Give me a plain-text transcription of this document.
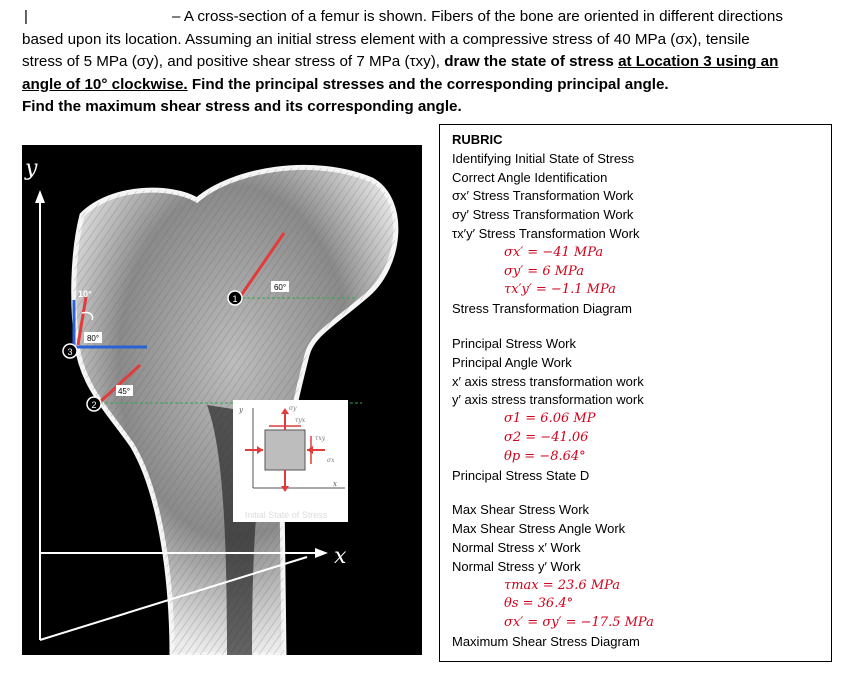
|	– A cross-section of a femur is shown. Fibers of the bone are oriented in different directions

based upon its location. Assuming an initial stress element with a compressive stress of 40 MPa (σx), tensile

stress of 5 MPa (σy), and positive shear stress of 7 MPa (τxy), draw the state of stress at Location 3 using an

angle of 10° clockwise. Find the principal stresses and the corresponding principal angle.

Find the maximum shear stress and its corresponding angle.

1
60°
3
80°
10°
2
45°
y
x
y
x
σy
σx
τyx
τxy
Initial State of Stress
RUBRIC
Identifying Initial State of Stress
Correct Angle Identification
σx′ Stress Transformation Work
σy′ Stress Transformation Work
τx′y′ Stress Transformation Work
σx′ = −41 MPa
σy′ = 6 MPa
τx′y′ = −1.1 MPa
Stress Transformation Diagram
Principal Stress Work
Principal Angle Work
x′ axis stress transformation work
y′ axis stress transformation work
σ1 = 6.06 MP
σ2 = −41.06
θp = −8.64°
Principal Stress State D
Max Shear Stress Work
Max Shear Stress Angle Work
Normal Stress x′ Work
Normal Stress y′ Work
τmax = 23.6 MPa
θs = 36.4°
σx′ = σy′ = −17.5 MPa
Maximum Shear Stress Diagram
